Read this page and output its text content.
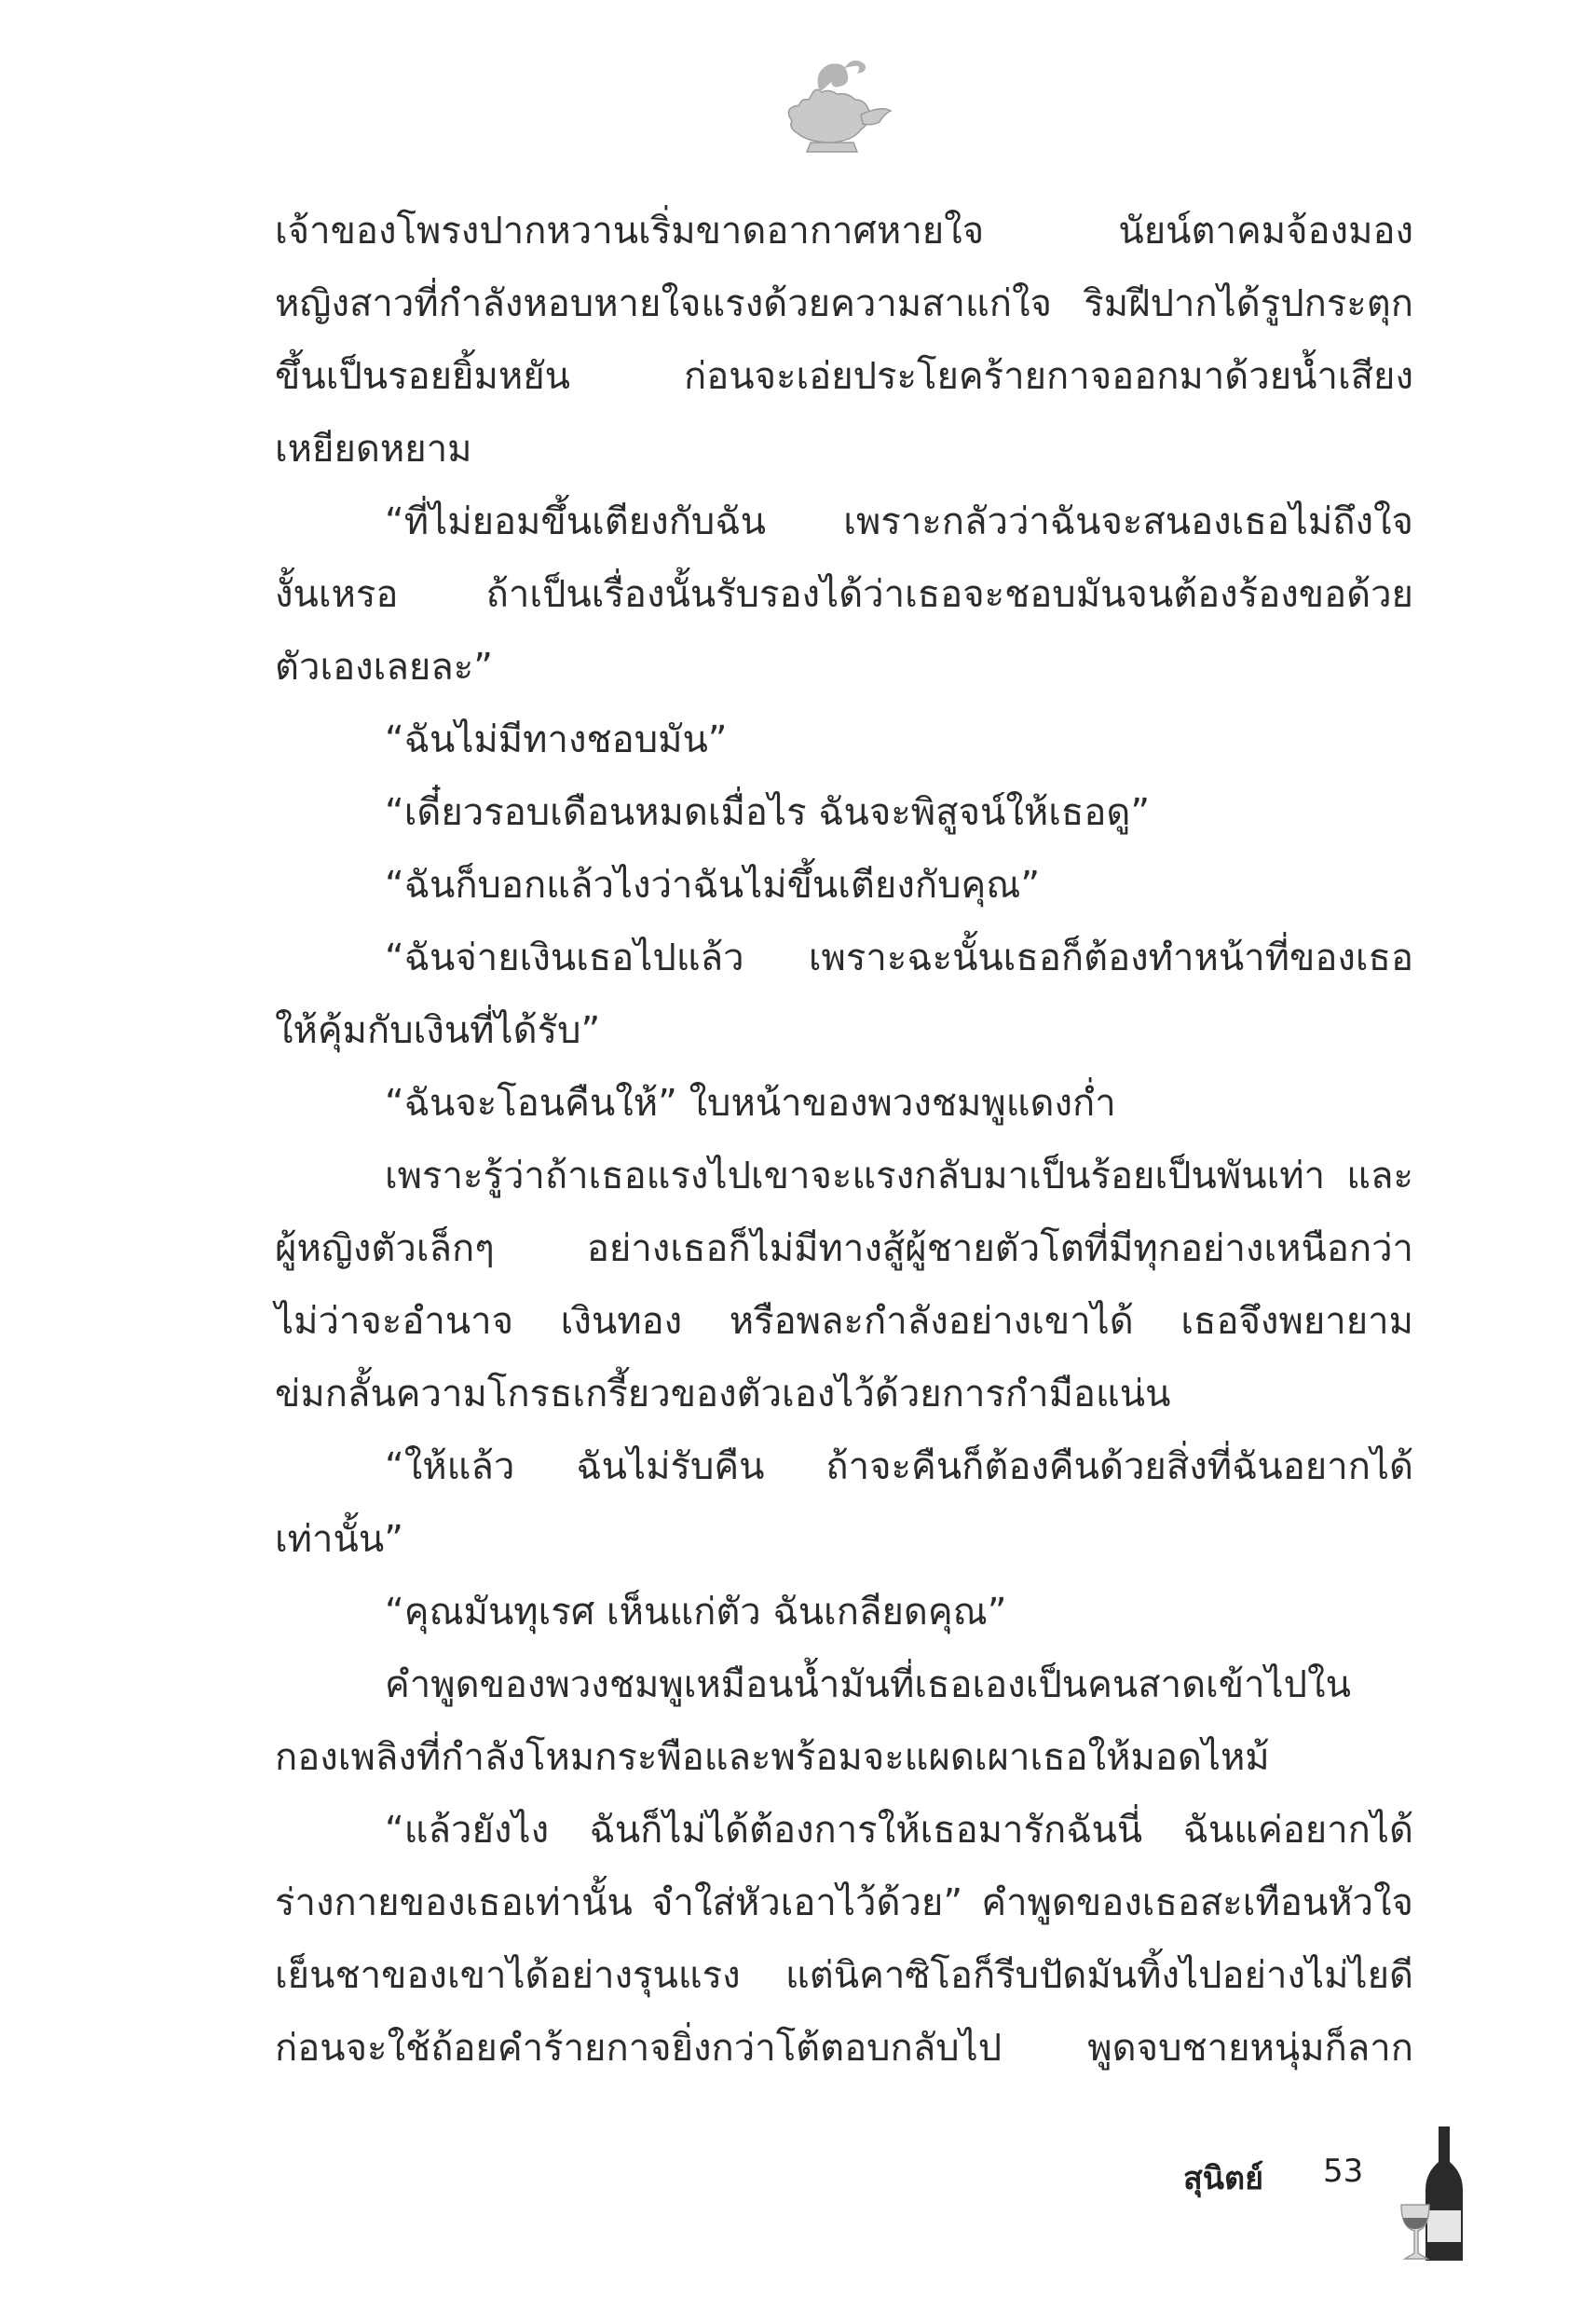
เจ้าของโพรงปากหวานเริ่มขาดอากาศหายใจ นัยน์ตาคมจ้องมอง
หญิงสาวที่กำลังหอบหายใจแรงด้วยความสาแก่ใจ ริมฝีปากได้รูปกระตุก
ขึ้นเป็นรอยยิ้มหยัน ก่อนจะเอ่ยประโยคร้ายกาจออกมาด้วยน้ำเสียง
เหยียดหยาม
“ที่ไม่ยอมขึ้นเตียงกับฉัน เพราะกลัวว่าฉันจะสนองเธอไม่ถึงใจ
งั้นเหรอ ถ้าเป็นเรื่องนั้นรับรองได้ว่าเธอจะชอบมันจนต้องร้องขอด้วย
ตัวเองเลยละ”
“ฉันไม่มีทางชอบมัน”
“เดี๋ยวรอบเดือนหมดเมื่อไร ฉันจะพิสูจน์ให้เธอดู”
“ฉันก็บอกแล้วไงว่าฉันไม่ขึ้นเตียงกับคุณ”
“ฉันจ่ายเงินเธอไปแล้ว เพราะฉะนั้นเธอก็ต้องทำหน้าที่ของเธอ
ให้คุ้มกับเงินที่ได้รับ”
“ฉันจะโอนคืนให้” ใบหน้าของพวงชมพูแดงก่ำ
เพราะรู้ว่าถ้าเธอแรงไปเขาจะแรงกลับมาเป็นร้อยเป็นพันเท่า และ
ผู้หญิงตัวเล็กๆ อย่างเธอก็ไม่มีทางสู้ผู้ชายตัวโตที่มีทุกอย่างเหนือกว่า
ไม่ว่าจะอำนาจ เงินทอง หรือพละกำลังอย่างเขาได้ เธอจึงพยายาม
ข่มกลั้นความโกรธเกรี้ยวของตัวเองไว้ด้วยการกำมือแน่น
“ให้แล้ว ฉันไม่รับคืน ถ้าจะคืนก็ต้องคืนด้วยสิ่งที่ฉันอยากได้
เท่านั้น”
“คุณมันทุเรศ เห็นแก่ตัว ฉันเกลียดคุณ”
คำพูดของพวงชมพูเหมือนน้ำมันที่เธอเองเป็นคนสาดเข้าไปใน
กองเพลิงที่กำลังโหมกระพือและพร้อมจะแผดเผาเธอให้มอดไหม้
“แล้วยังไง ฉันก็ไม่ได้ต้องการให้เธอมารักฉันนี่ ฉันแค่อยากได้
ร่างกายของเธอเท่านั้น จำใส่หัวเอาไว้ด้วย” คำพูดของเธอสะเทือนหัวใจ
เย็นชาของเขาได้อย่างรุนแรง แต่นิคาซิโอก็รีบปัดมันทิ้งไปอย่างไม่ไยดี
ก่อนจะใช้ถ้อยคำร้ายกาจยิ่งกว่าโต้ตอบกลับไป พูดจบชายหนุ่มก็ลาก
สุนิตย์ 53
